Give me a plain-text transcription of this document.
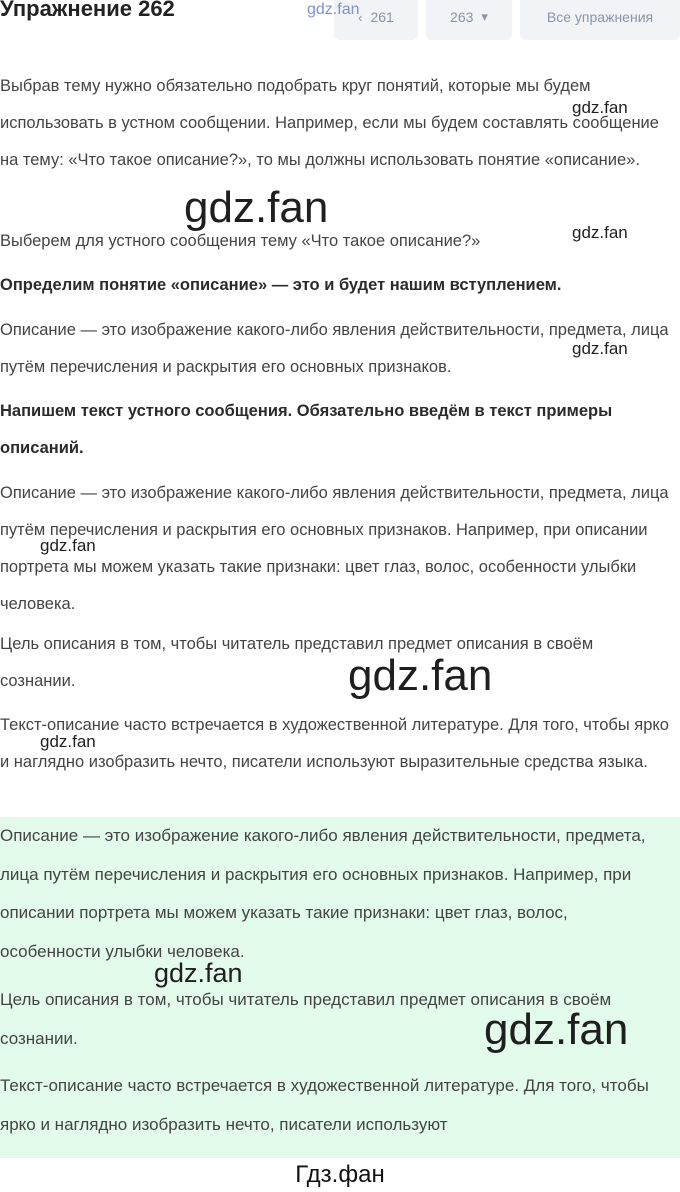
Упражнение 262	‹ 261	263 ▾	Все упражнения

Выбрав тему нужно обязательно подобрать круг понятий, которые мы будем использовать в устном сообщении. Например, если мы будем составлять сообщение на тему: «Что такое описание?», то мы должны использовать понятие «описание».

Выберем для устного сообщения тему «Что такое описание?»

Определим понятие «описание» — это и будет нашим вступлением.

Описание — это изображение какого-либо явления действительности, предмета, лица путём перечисления и раскрытия его основных признаков.

Напишем текст устного сообщения. Обязательно введём в текст примеры описаний.

Описание — это изображение какого-либо явления действительности, предмета, лица путём перечисления и раскрытия его основных признаков. Например, при описании портрета мы можем указать такие признаки: цвет глаз, волос, особенности улыбки человека.

Цель описания в том, чтобы читатель представил предмет описания в своём сознании.

Текст-описание часто встречается в художественной литературе. Для того, чтобы ярко и наглядно изобразить нечто, писатели используют выразительные средства языка.

Описание — это изображение какого-либо явления действительности, предмета, лица путём перечисления и раскрытия его основных признаков. Например, при описании портрета мы можем указать такие признаки: цвет глаз, волос, особенности улыбки человека.

Цель описания в том, чтобы читатель представил предмет описания в своём сознании.

Текст-описание часто встречается в художественной литературе. Для того, чтобы ярко и наглядно изобразить нечто, писатели используют

gdz.fan
gdz.fan
gdz.fan
gdz.fan
gdz.fan
gdz.fan
gdz.fan
gdz.fan
gdz.fan
gdz.fan
Гдз.фан
